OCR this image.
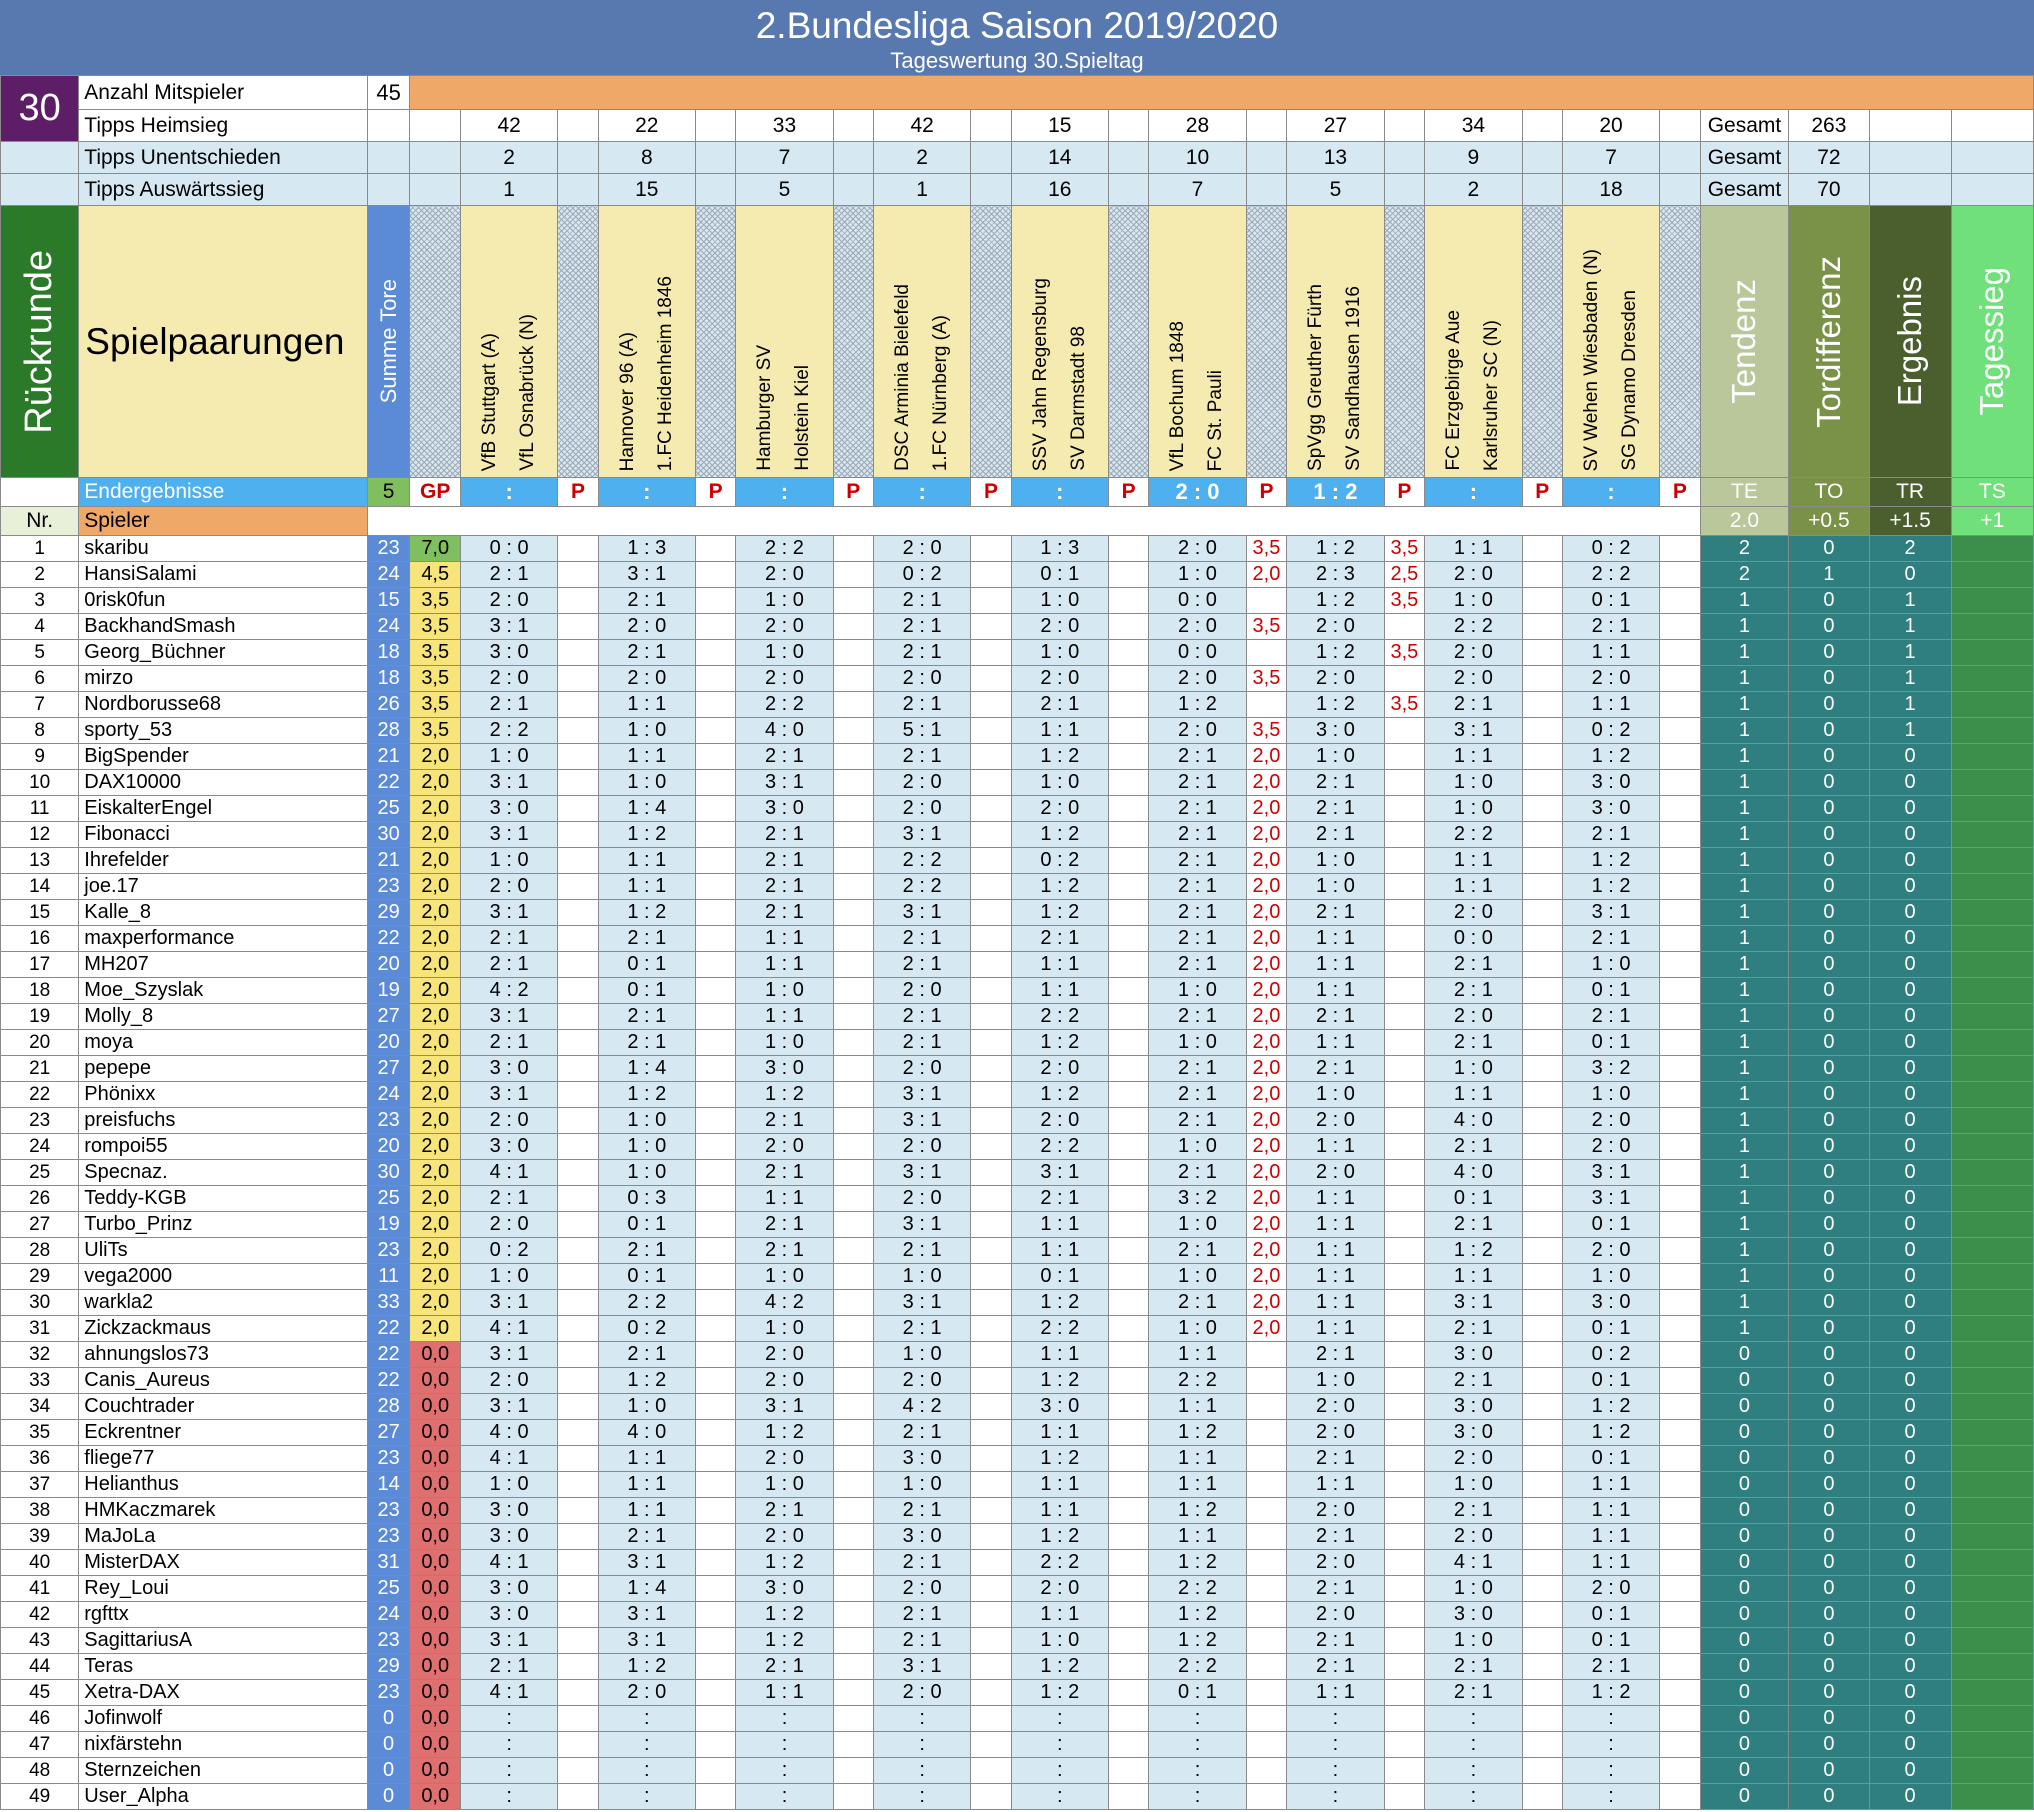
2.Bundesliga Saison 2019/2020
Tageswertung 30.Spieltag
30	Anzahl Mitspieler	45																							
	Tipps Heimsieg			42		22		33		42		15		28		27		34		20		Gesamt	263		
	Tipps Unentschieden			2		8		7		2		14		10		13		9		7		Gesamt	72		
	Tipps Auswärtssieg			1		15		5		1		16		7		5		2		18		Gesamt	70		

Rückrunde	Spielpaarungen	Summe Tore		VfB Stuttgart (A) VfL Osnabrück (N)		Hannover 96 (A) 1.FC Heidenheim 1846		Hamburger SV Holstein Kiel		DSC Arminia Bielefeld 1.FC Nürnberg (A)		SSV Jahn Regensburg SV Darmstadt 98		VfL Bochum 1848 FC St. Pauli		SpVgg Greuther Fürth SV Sandhausen 1916		FC Erzgebirge Aue Karlsruher SC (N)		SV Wehen Wiesbaden (N) SG Dynamo Dresden		Tendenz	Tordifferenz	Ergebnis	Tagessieg

	Endergebnisse	5	GP	:	P	:	P	:	P	:	P	:	P	2 : 0	P	1 : 2	P	:	P	:	P	TE	TO	TR	TS
Nr.	Spieler																					2.0	+0.5	+1.5	+1
1	skaribu	23	7,0	0 : 0		1 : 3		2 : 2		2 : 0		1 : 3		2 : 0	3,5	1 : 2	3,5	1 : 1		0 : 2		2	0	2	
2	HansiSalami	24	4,5	2 : 1		3 : 1		2 : 0		0 : 2		0 : 1		1 : 0	2,0	2 : 3	2,5	2 : 0		2 : 2		2	1	0	
3	0risk0fun	15	3,5	2 : 0		2 : 1		1 : 0		2 : 1		1 : 0		0 : 0		1 : 2	3,5	1 : 0		0 : 1		1	0	1	
4	BackhandSmash	24	3,5	3 : 1		2 : 0		2 : 0		2 : 1		2 : 0		2 : 0	3,5	2 : 0		2 : 2		2 : 1		1	0	1	
5	Georg_Büchner	18	3,5	3 : 0		2 : 1		1 : 0		2 : 1		1 : 0		0 : 0		1 : 2	3,5	2 : 0		1 : 1		1	0	1	
6	mirzo	18	3,5	2 : 0		2 : 0		2 : 0		2 : 0		2 : 0		2 : 0	3,5	2 : 0		2 : 0		2 : 0		1	0	1	
7	Nordborusse68	26	3,5	2 : 1		1 : 1		2 : 2		2 : 1		2 : 1		1 : 2		1 : 2	3,5	2 : 1		1 : 1		1	0	1	
8	sporty_53	28	3,5	2 : 2		1 : 0		4 : 0		5 : 1		1 : 1		2 : 0	3,5	3 : 0		3 : 1		0 : 2		1	0	1	
9	BigSpender	21	2,0	1 : 0		1 : 1		2 : 1		2 : 1		1 : 2		2 : 1	2,0	1 : 0		1 : 1		1 : 2		1	0	0	
10	DAX10000	22	2,0	3 : 1		1 : 0		3 : 1		2 : 0		1 : 0		2 : 1	2,0	2 : 1		1 : 0		3 : 0		1	0	0	
11	EiskalterEngel	25	2,0	3 : 0		1 : 4		3 : 0		2 : 0		2 : 0		2 : 1	2,0	2 : 1		1 : 0		3 : 0		1	0	0	
12	Fibonacci	30	2,0	3 : 1		1 : 2		2 : 1		3 : 1		1 : 2		2 : 1	2,0	2 : 1		2 : 2		2 : 1		1	0	0	
13	Ihrefelder	21	2,0	1 : 0		1 : 1		2 : 1		2 : 2		0 : 2		2 : 1	2,0	1 : 0		1 : 1		1 : 2		1	0	0	
14	joe.17	23	2,0	2 : 0		1 : 1		2 : 1		2 : 2		1 : 2		2 : 1	2,0	1 : 0		1 : 1		1 : 2		1	0	0	
15	Kalle_8	29	2,0	3 : 1		1 : 2		2 : 1		3 : 1		1 : 2		2 : 1	2,0	2 : 1		2 : 0		3 : 1		1	0	0	
16	maxperformance	22	2,0	2 : 1		2 : 1		1 : 1		2 : 1		2 : 1		2 : 1	2,0	1 : 1		0 : 0		2 : 1		1	0	0	
17	MH207	20	2,0	2 : 1		0 : 1		1 : 1		2 : 1		1 : 1		2 : 1	2,0	1 : 1		2 : 1		1 : 0		1	0	0	
18	Moe_Szyslak	19	2,0	4 : 2		0 : 1		1 : 0		2 : 0		1 : 1		1 : 0	2,0	1 : 1		2 : 1		0 : 1		1	0	0	
19	Molly_8	27	2,0	3 : 1		2 : 1		1 : 1		2 : 1		2 : 2		2 : 1	2,0	2 : 1		2 : 0		2 : 1		1	0	0	
20	moya	20	2,0	2 : 1		2 : 1		1 : 0		2 : 1		1 : 2		1 : 0	2,0	1 : 1		2 : 1		0 : 1		1	0	0	
21	pepepe	27	2,0	3 : 0		1 : 4		3 : 0		2 : 0		2 : 0		2 : 1	2,0	2 : 1		1 : 0		3 : 2		1	0	0	
22	Phönixx	24	2,0	3 : 1		1 : 2		1 : 2		3 : 1		1 : 2		2 : 1	2,0	1 : 0		1 : 1		1 : 0		1	0	0	
23	preisfuchs	23	2,0	2 : 0		1 : 0		2 : 1		3 : 1		2 : 0		2 : 1	2,0	2 : 0		4 : 0		2 : 0		1	0	0	
24	rompoi55	20	2,0	3 : 0		1 : 0		2 : 0		2 : 0		2 : 2		1 : 0	2,0	1 : 1		2 : 1		2 : 0		1	0	0	
25	Specnaz.	30	2,0	4 : 1		1 : 0		2 : 1		3 : 1		3 : 1		2 : 1	2,0	2 : 0		4 : 0		3 : 1		1	0	0	
26	Teddy-KGB	25	2,0	2 : 1		0 : 3		1 : 1		2 : 0		2 : 1		3 : 2	2,0	1 : 1		0 : 1		3 : 1		1	0	0	
27	Turbo_Prinz	19	2,0	2 : 0		0 : 1		2 : 1		3 : 1		1 : 1		1 : 0	2,0	1 : 1		2 : 1		0 : 1		1	0	0	
28	UliTs	23	2,0	0 : 2		2 : 1		2 : 1		2 : 1		1 : 1		2 : 1	2,0	1 : 1		1 : 2		2 : 0		1	0	0	
29	vega2000	11	2,0	1 : 0		0 : 1		1 : 0		1 : 0		0 : 1		1 : 0	2,0	1 : 1		1 : 1		1 : 0		1	0	0	
30	warkla2	33	2,0	3 : 1		2 : 2		4 : 2		3 : 1		1 : 2		2 : 1	2,0	1 : 1		3 : 1		3 : 0		1	0	0	
31	Zickzackmaus	22	2,0	4 : 1		0 : 2		1 : 0		2 : 1		2 : 2		1 : 0	2,0	1 : 1		2 : 1		0 : 1		1	0	0	
32	ahnungslos73	22	0,0	3 : 1		2 : 1		2 : 0		1 : 0		1 : 1		1 : 1		2 : 1		3 : 0		0 : 2		0	0	0	
33	Canis_Aureus	22	0,0	2 : 0		1 : 2		2 : 0		2 : 0		1 : 2		2 : 2		1 : 0		2 : 1		0 : 1		0	0	0	
34	Couchtrader	28	0,0	3 : 1		1 : 0		3 : 1		4 : 2		3 : 0		1 : 1		2 : 0		3 : 0		1 : 2		0	0	0	
35	Eckrentner	27	0,0	4 : 0		4 : 0		1 : 2		2 : 1		1 : 1		1 : 2		2 : 0		3 : 0		1 : 2		0	0	0	
36	fliege77	23	0,0	4 : 1		1 : 1		2 : 0		3 : 0		1 : 2		1 : 1		2 : 1		2 : 0		0 : 1		0	0	0	
37	Helianthus	14	0,0	1 : 0		1 : 1		1 : 0		1 : 0		1 : 1		1 : 1		1 : 1		1 : 0		1 : 1		0	0	0	
38	HMKaczmarek	23	0,0	3 : 0		1 : 1		2 : 1		2 : 1		1 : 1		1 : 2		2 : 0		2 : 1		1 : 1		0	0	0	
39	MaJoLa	23	0,0	3 : 0		2 : 1		2 : 0		3 : 0		1 : 2		1 : 1		2 : 1		2 : 0		1 : 1		0	0	0	
40	MisterDAX	31	0,0	4 : 1		3 : 1		1 : 2		2 : 1		2 : 2		1 : 2		2 : 0		4 : 1		1 : 1		0	0	0	
41	Rey_Loui	25	0,0	3 : 0		1 : 4		3 : 0		2 : 0		2 : 0		2 : 2		2 : 1		1 : 0		2 : 0		0	0	0	
42	rgfttx	24	0,0	3 : 0		3 : 1		1 : 2		2 : 1		1 : 1		1 : 2		2 : 0		3 : 0		0 : 1		0	0	0	
43	SagittariusA	23	0,0	3 : 1		3 : 1		1 : 2		2 : 1		1 : 0		1 : 2		2 : 1		1 : 0		0 : 1		0	0	0	
44	Teras	29	0,0	2 : 1		1 : 2		2 : 1		3 : 1		1 : 2		2 : 2		2 : 1		2 : 1		2 : 1		0	0	0	
45	Xetra-DAX	23	0,0	4 : 1		2 : 0		1 : 1		2 : 0		1 : 2		0 : 1		1 : 1		2 : 1		1 : 2		0	0	0	
46	Jofinwolf	0	0,0	:		:		:		:		:		:		:		:		:		0	0	0	
47	nixfärstehn	0	0,0	:		:		:		:		:		:		:		:		:		0	0	0	
48	Sternzeichen	0	0,0	:		:		:		:		:		:		:		:		:		0	0	0	
49	User_Alpha	0	0,0	:		:		:		:		:		:		:		:		:		0	0	0	
